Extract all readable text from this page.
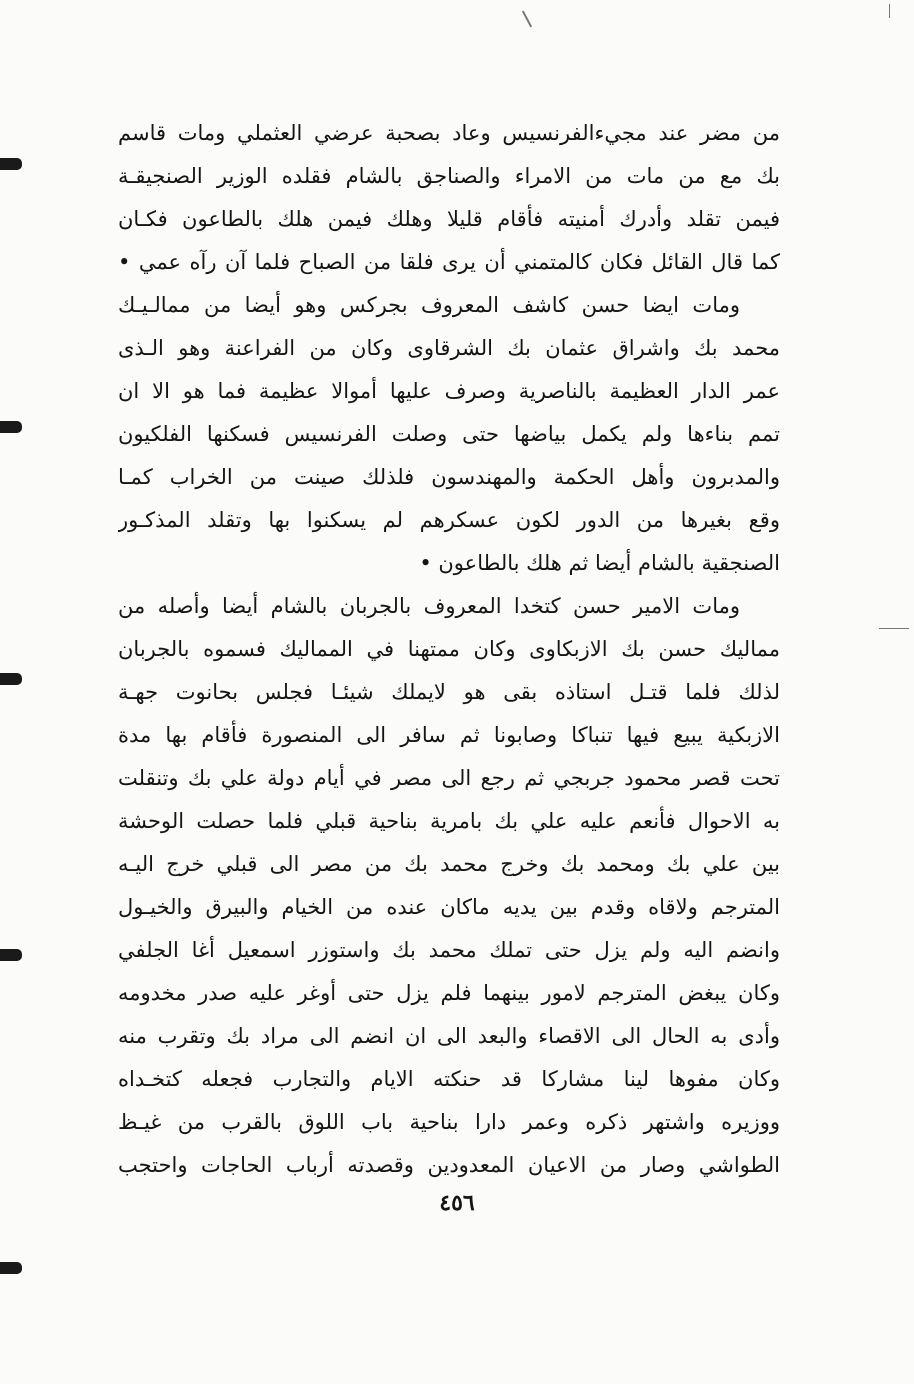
من مضر عند مجيءالفرنسيس وعاد بصحبة عرضي العثملي ومات قاسم
بك مع من مات من الامراء والصناجق بالشام فقلده الوزير الصنجيقـة
فيمن تقلد وأدرك أمنيته فأقام قليلا وهلك فيمن هلك بالطاعون فكـان
كما قال القائل فكان كالمتمني أن يرى فلقا من الصباح فلما آن رآه عمي •
ومات ايضا حسن كاشف المعروف بجركس وهو أيضا من ممالـيـك
محمد بك واشراق عثمان بك الشرقاوى وكان من الفراعنة وهو الـذى
عمر الدار العظيمة بالناصرية وصرف عليها أموالا عظيمة فما هو الا ان
تمم بناءها ولم يكمل بياضها حتى وصلت الفرنسيس فسكنها الفلكيون
والمدبرون وأهل الحكمة والمهندسون فلذلك صينت من الخراب كمـا
وقع بغيرها من الدور لكون عسكرهم لم يسكنوا بها وتقلد المذكـور
الصنجقية بالشام أيضا ثم هلك بالطاعون •
ومات الامير حسن كتخدا المعروف بالجربان بالشام أيضا وأصله من
مماليك حسن بك الازبكاوى وكان ممتهنا في المماليك فسموه بالجربان
لذلك فلما قتـل استاذه بقى هو لايملك شيئـا فجلس بحانوت جهـة
الازبكية يبيع فيها تنباكا وصابونا ثم سافر الى المنصورة فأقام بها مدة
تحت قصر محمود جربجي ثم رجع الى مصر في أيام دولة علي بك وتنقلت
به الاحوال فأنعم عليه علي بك بامرية بناحية قبلي فلما حصلت الوحشة
بين علي بك ومحمد بك وخرج محمد بك من مصر الى قبلي خرج اليـه
المترجم ولاقاه وقدم بين يديه ماكان عنده من الخيام والبيرق والخيـول
وانضم اليه ولم يزل حتى تملك محمد بك واستوزر اسمعيل أغا الجلفي
وكان يبغض المترجم لامور بينهما فلم يزل حتى أوغر عليه صدر مخدومه
وأدى به الحال الى الاقصاء والبعد الى ان انضم الى مراد بك وتقرب منه
وكان مفوها لينا مشاركا قد حنكته الايام والتجارب فجعله كتخـداه
ووزيره واشتهر ذكره وعمر دارا بناحية باب اللوق بالقرب من غيـظ
الطواشي وصار من الاعيان المعدودين وقصدته أرباب الحاجات واحتجب
٤٥٦
